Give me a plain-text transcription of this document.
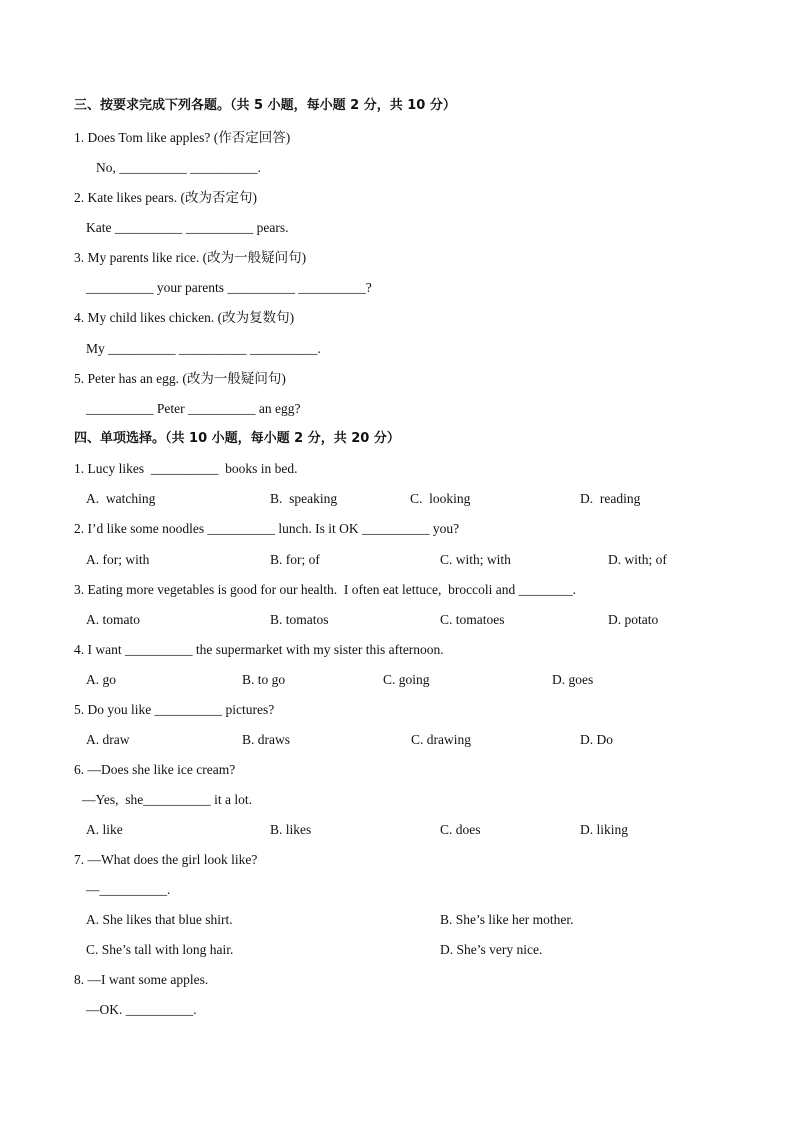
三、按要求完成下列各题。（共 5 小题，每小题 2 分，共 10 分）
1. Does Tom like apples? (作否定回答)
No, __________ __________.
2. Kate likes pears. (改为否定句)
Kate __________ __________ pears.
3. My parents like rice. (改为一般疑问句)
__________ your parents __________ __________?
4. My child likes chicken. (改为复数句)
My __________ __________ __________.
5. Peter has an egg. (改为一般疑问句)
__________ Peter __________ an egg?
四、单项选择。（共 10 小题，每小题 2 分，共 20 分）
1. Lucy likes  __________  books in bed.
A.  watching	B.  speaking	C.  looking	D.  reading
2. I’d like some noodles __________ lunch. Is it OK __________ you?
A. for; with	B. for; of	C. with; with	D. with; of
3. Eating more vegetables is good for our health.  I often eat lettuce,  broccoli and ________.
A. tomato	B. tomatos	C. tomatoes	D. potato
4. I want __________ the supermarket with my sister this afternoon.
A. go	B. to go	C. going	D. goes
5. Do you like __________ pictures?
A. draw	B. draws	C. drawing	D. Do
6. —Does she like ice cream?
—Yes,  she__________ it a lot.
A. like	B. likes	C. does	D. liking
7. —What does the girl look like?
—__________.
A. She likes that blue shirt.	B. She’s like her mother.
C. She’s tall with long hair.	D. She’s very nice.
8. —I want some apples.
—OK. __________.
